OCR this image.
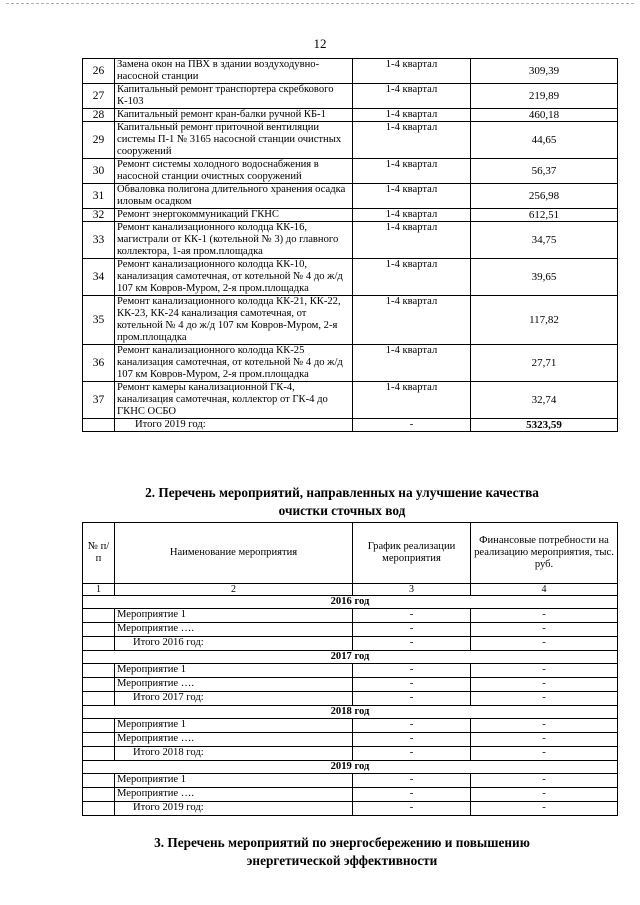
12
26	Замена окон на ПВХ в здании воздуходувно-насосной станции	1-4 квартал	309,39
27	Капитальный ремонт транспортера скребкового К-103	1-4 квартал	219,89
28	Капитальный ремонт кран-балки ручной КБ-1	1-4 квартал	460,18
29	Капитальный ремонт приточной вентиляции системы П-1 № 3165 насосной станции очистных сооружений	1-4 квартал	44,65
30	Ремонт системы холодного водоснабжения в насосной станции очистных сооружений	1-4 квартал	56,37
31	Обваловка полигона длительного хранения осадка иловым осадком	1-4 квартал	256,98
32	Ремонт энергокоммуникаций ГКНС	1-4 квартал	612,51
33	Ремонт канализационного колодца КК-16, магистрали от КК-1 (котельной № 3) до главного коллектора, 1-ая пром.площадка	1-4 квартал	34,75
34	Ремонт канализационного колодца КК-10, канализация самотечная, от котельной № 4 до ж/д 107 км Ковров-Муром, 2-я пром.площадка	1-4 квартал	39,65
35	Ремонт канализационного колодца КК-21, КК-22, КК-23, КК-24 канализация самотечная, от котельной № 4 до ж/д 107 км Ковров-Муром, 2-я пром.площадка	1-4 квартал	117,82
36	Ремонт канализационного колодца КК-25 канализация самотечная, от котельной № 4 до ж/д 107 км Ковров-Муром, 2-я пром.площадка	1-4 квартал	27,71
37	Ремонт камеры канализационной ГК-4, канализация самотечная, коллектор от ГК-4 до ГКНС ОСБО	1-4 квартал	32,74
	Итого 2019 год:	-	5323,59
2. Перечень мероприятий, направленных на улучшение качества
очистки сточных вод
№ п/п	Наименование мероприятия	График реализации мероприятия	Финансовые потребности на реализацию мероприятия, тыс. руб.
1	2	3	4
2016 год			
	Мероприятие 1	-	-
	Мероприятие ….	-	-
	Итого 2016 год:	-	-
2017 год			
	Мероприятие 1	-	-
	Мероприятие ….	-	-
	Итого 2017 год:	-	-
2018 год			
	Мероприятие 1	-	-
	Мероприятие ….	-	-
	Итого 2018 год:	-	-
2019 год			
	Мероприятие 1	-	-
	Мероприятие ….	-	-
	Итого 2019 год:	-	-
3. Перечень мероприятий по энергосбережению и повышению
энергетической эффективности
